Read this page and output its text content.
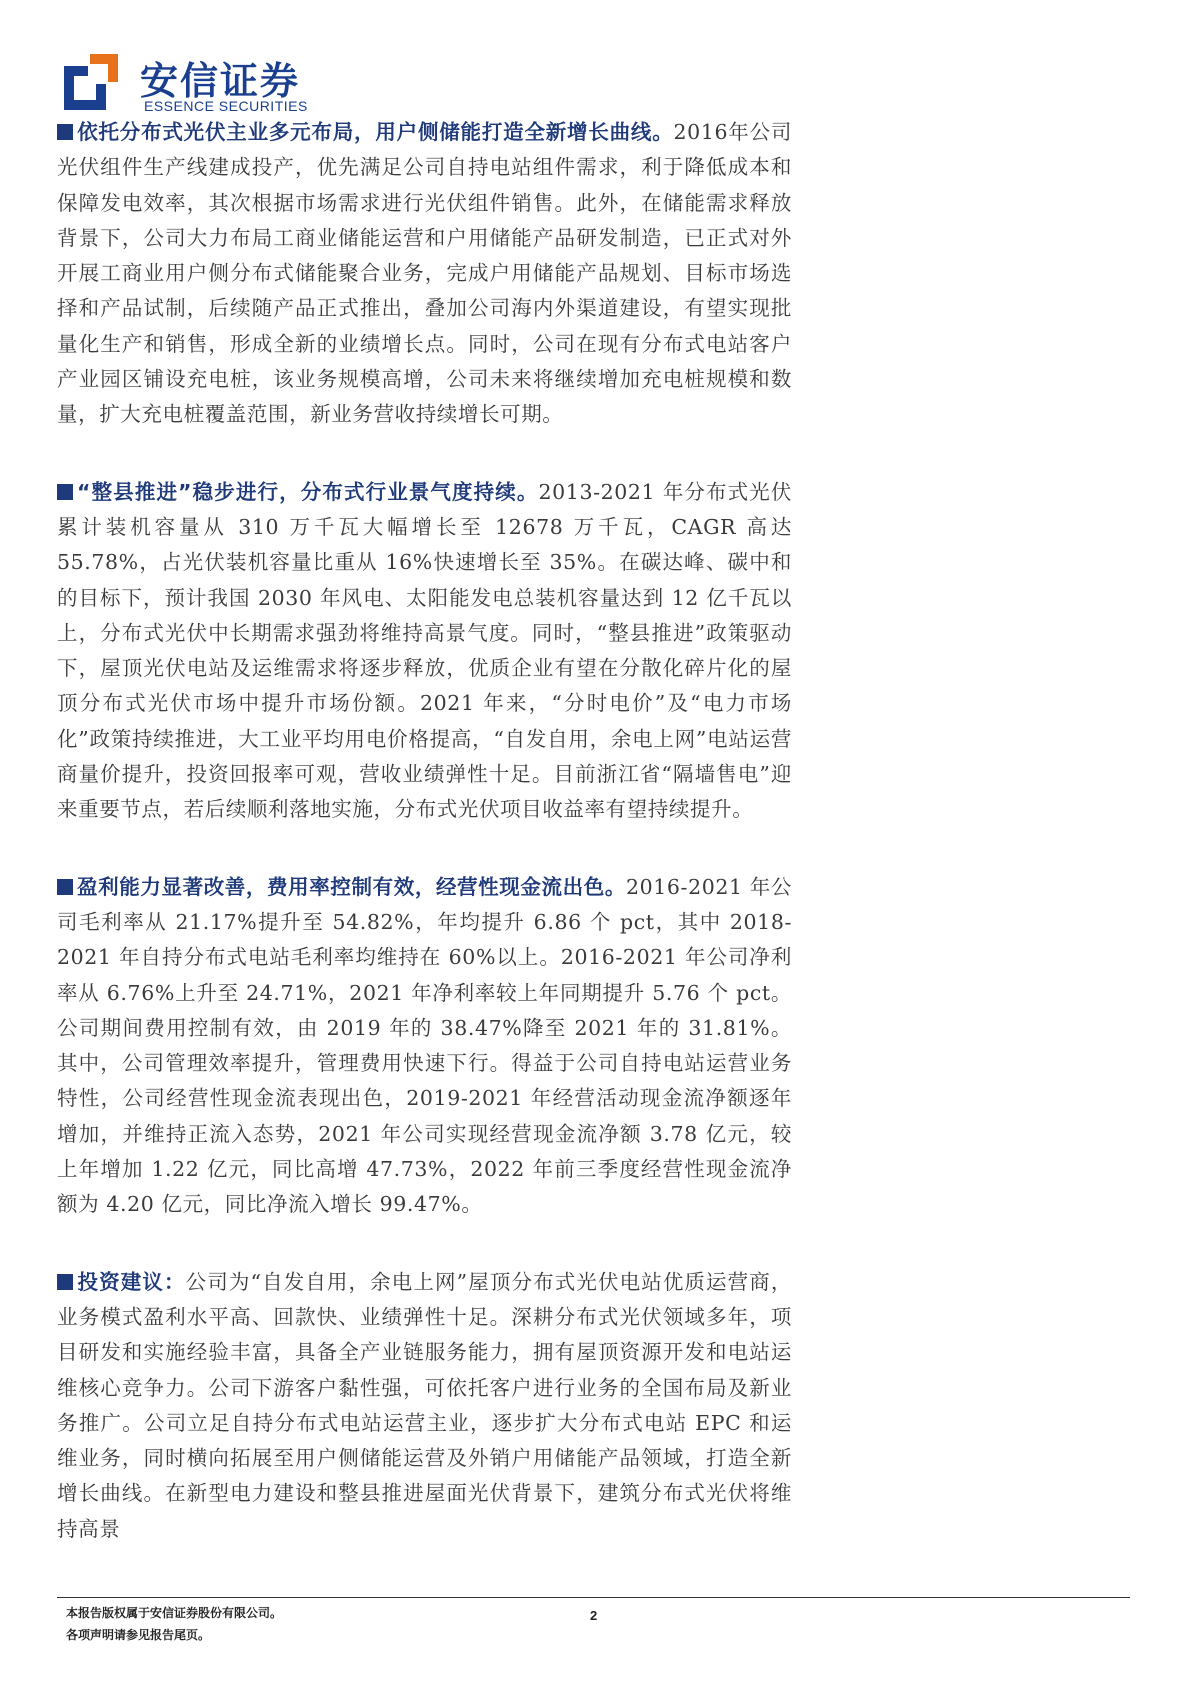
安信证券
ESSENCE SECURITIES

依托分布式光伏主业多元布局，用户侧储能打造全新增长曲线。2016年公司光伏组件生产线建成投产，优先满足公司自持电站组件需求，利于降低成本和保障发电效率，其次根据市场需求进行光伏组件销售。此外，在储能需求释放背景下，公司大力布局工商业储能运营和户用储能产品研发制造，已正式对外开展工商业用户侧分布式储能聚合业务，完成户用储能产品规划、目标市场选择和产品试制，后续随产品正式推出，叠加公司海内外渠道建设，有望实现批量化生产和销售，形成全新的业绩增长点。同时，公司在现有分布式电站客户产业园区铺设充电桩，该业务规模高增，公司未来将继续增加充电桩规模和数量，扩大充电桩覆盖范围，新业务营收持续增长可期。

“整县推进”稳步进行，分布式行业景气度持续。2013-2021 年分布式光伏累计装机容量从 310 万千瓦大幅增长至 12678 万千瓦，CAGR 高达 55.78%，占光伏装机容量比重从 16%快速增长至 35%。在碳达峰、碳中和的目标下，预计我国 2030 年风电、太阳能发电总装机容量达到 12 亿千瓦以上，分布式光伏中长期需求强劲将维持高景气度。同时，“整县推进”政策驱动下，屋顶光伏电站及运维需求将逐步释放，优质企业有望在分散化碎片化的屋顶分布式光伏市场中提升市场份额。2021 年来，“分时电价”及“电力市场化”政策持续推进，大工业平均用电价格提高，“自发自用，余电上网”电站运营商量价提升，投资回报率可观，营收业绩弹性十足。目前浙江省“隔墙售电”迎来重要节点，若后续顺利落地实施，分布式光伏项目收益率有望持续提升。

盈利能力显著改善，费用率控制有效，经营性现金流出色。2016-2021 年公司毛利率从 21.17%提升至 54.82%，年均提升 6.86 个 pct，其中 2018-2021 年自持分布式电站毛利率均维持在 60%以上。2016-2021 年公司净利率从 6.76%上升至 24.71%，2021 年净利率较上年同期提升 5.76 个 pct。公司期间费用控制有效，由 2019 年的 38.47%降至 2021 年的 31.81%。其中，公司管理效率提升，管理费用快速下行。得益于公司自持电站运营业务特性，公司经营性现金流表现出色，2019-2021 年经营活动现金流净额逐年增加，并维持正流入态势，2021 年公司实现经营现金流净额 3.78 亿元，较上年增加 1.22 亿元，同比高增 47.73%，2022 年前三季度经营性现金流净额为 4.20 亿元，同比净流入增长 99.47%。

投资建议：公司为“自发自用，余电上网”屋顶分布式光伏电站优质运营商，业务模式盈利水平高、回款快、业绩弹性十足。深耕分布式光伏领域多年，项目研发和实施经验丰富，具备全产业链服务能力，拥有屋顶资源开发和电站运维核心竞争力。公司下游客户黏性强，可依托客户进行业务的全国布局及新业务推广。公司立足自持分布式电站运营主业，逐步扩大分布式电站 EPC 和运维业务，同时横向拓展至用户侧储能运营及外销户用储能产品领域，打造全新增长曲线。在新型电力建设和整县推进屋面光伏背景下，建筑分布式光伏将维持高景

本报告版权属于安信证券股份有限公司。
各项声明请参见报告尾页。
2
